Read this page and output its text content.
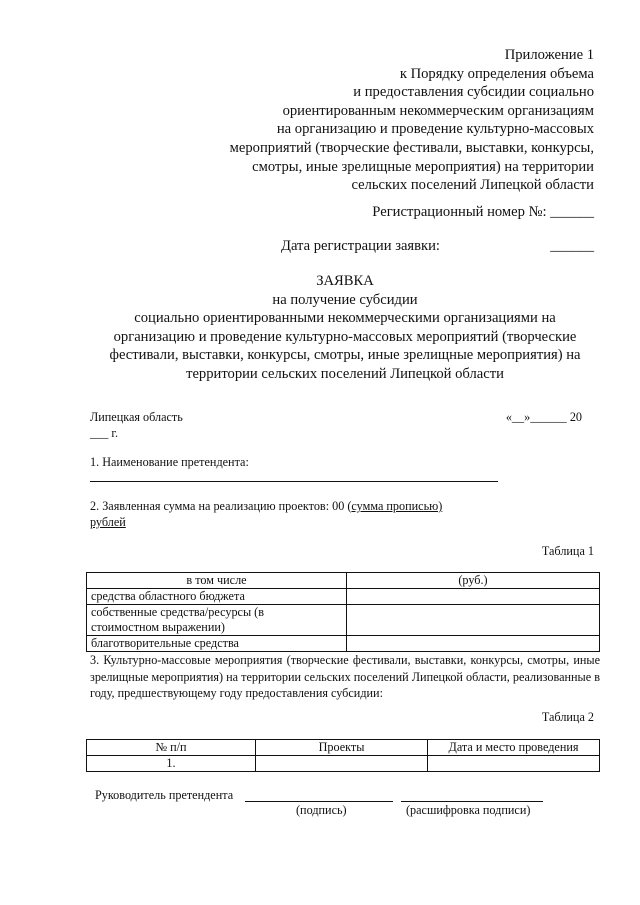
Приложение 1
к Порядку определения объема
и предоставления субсидии социально
ориентированным некоммерческим организациям
на организацию и проведение культурно-массовых
мероприятий (творческие фестивали, выставки, конкурсы,
смотры, иные зрелищные мероприятия) на территории
сельских поселений Липецкой области
Регистрационный номер №: ______
Дата регистрации заявки:	______
ЗАЯВКА
на получение субсидии
социально ориентированными некоммерческими организациями на
организацию и проведение культурно-массовых мероприятий (творческие
фестивали, выставки, конкурсы, смотры, иные зрелищные мероприятия) на
территории сельских поселений Липецкой области
Липецкая область	«__»______ 20
___ г.
1. Наименование претендента:
2. Заявленная сумма на реализацию проектов: 00 (сумма прописью)
рублей
Таблица 1
в том числе	(руб.)
средства областного бюджета	

собственные средства/ресурсы (в
стоимостном выражении)	

благотворительные средства	
3. Культурно-массовые мероприятия (творческие фестивали, выставки, конкурсы, смотры, иные зрелищные мероприятия) на территории сельских поселений Липецкой области, реализованные в году, предшествующему году предоставления субсидии:
Таблица 2
№ п/п	Проекты	Дата и место проведения
1.		
Руководитель претендента
(подпись)	(расшифровка подписи)
